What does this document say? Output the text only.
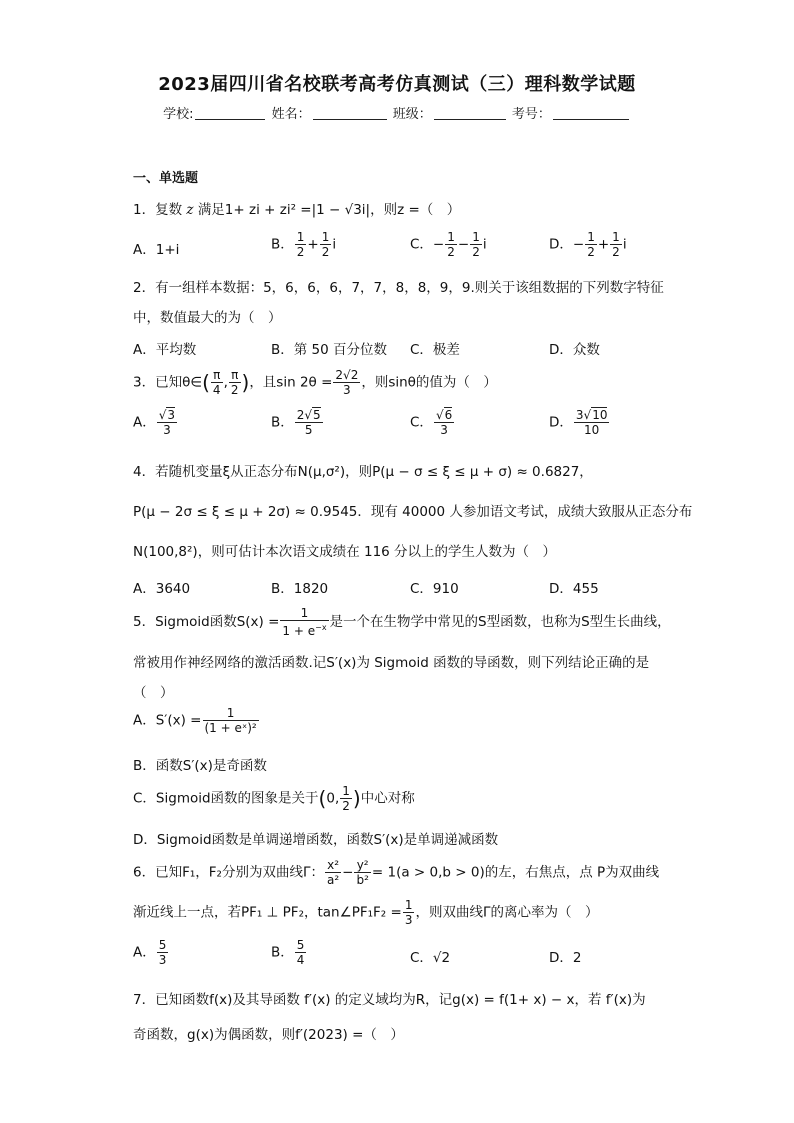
2023届四川省名校联考高考仿真测试（三）理科数学试题
学校:	姓名：	班级：	考号：
一、单选题
1．复数 z 满足1+ zi + zi² =|1 − √3i|，则z =（　）
A．1+i	B． $\frac{1}{2} + \frac{1}{2}$ i	C．− $\frac{1}{2} - \frac{1}{2}$ i	D．− $\frac{1}{2} + \frac{1}{2}$ i
2．有一组样本数据：5，6，6，6，7，7，8，8，9，9.则关于该组数据的下列数字特征
中，数值最大的为（　）
A．平均数	B．第 50 百分位数 C．极差	D．众数
3．已知θ∈( $\frac{\pi}{4}$ , $\frac{\pi}{2}$ )，且$\sin 2\theta = \frac{2√2}{3}$ ，则sinθ的值为（　）
A． $\frac{√3}{3}$	B． $\frac{2√5}{5}$	C． $\frac{√6}{3}$	D． $\frac{3√10}{10}$
4．若随机变量ξ从正态分布N(μ,σ²)，则P(μ − σ ≤ ξ ≤ μ + σ) ≈ 0.6827，
P(μ − 2σ ≤ ξ ≤ μ + 2σ) ≈ 0.9545．现有 40000 人参加语文考试，成绩大致服从正态分布
N(100,8²)，则可估计本次语文成绩在 116 分以上的学生人数为（　）
A．3640	B．1820	C．910	D．455
5．Sigmoid函数$S(x) = \frac{1}{1 + e^{-x}}$ 是一个在生物学中常见的S型函数，也称为S型生长曲线，
常被用作神经网络的激活函数.记S′(x)为 Sigmoid 函数的导函数，则下列结论正确的是
（　）
A．$S'(x) = \frac{1}{\text{(1 + eˣ)²}}$
B．函数S′(x)是奇函数
C．Sigmoid函数的图象是关于(0, $\frac{1}{2}$ )中心对称
D．Sigmoid函数是单调递增函数，函数S′(x)是单调递减函数
6．已知F₁，F₂分别为双曲线Γ： $\frac{\text{x²}}{\text{a²}} - \frac{\text{y²}}{\text{b²}} = 1(a > 0,b > 0)$的左，右焦点，点 P为双曲线
渐近线上一点，若PF₁ ⊥ PF₂，tan∠PF₁F₂ = $\frac{1}{3}$ ，则双曲线Γ的离心率为（　）
A． $\frac{5}{3}$	B． $\frac{5}{4}$	C．√2	D．2
7．已知函数f(x)及其导函数 f′(x) 的定义域均为R，记g(x) = f(1+ x) − x，若 f′(x)为
奇函数，g(x)为偶函数，则f′(2023) =（　）
